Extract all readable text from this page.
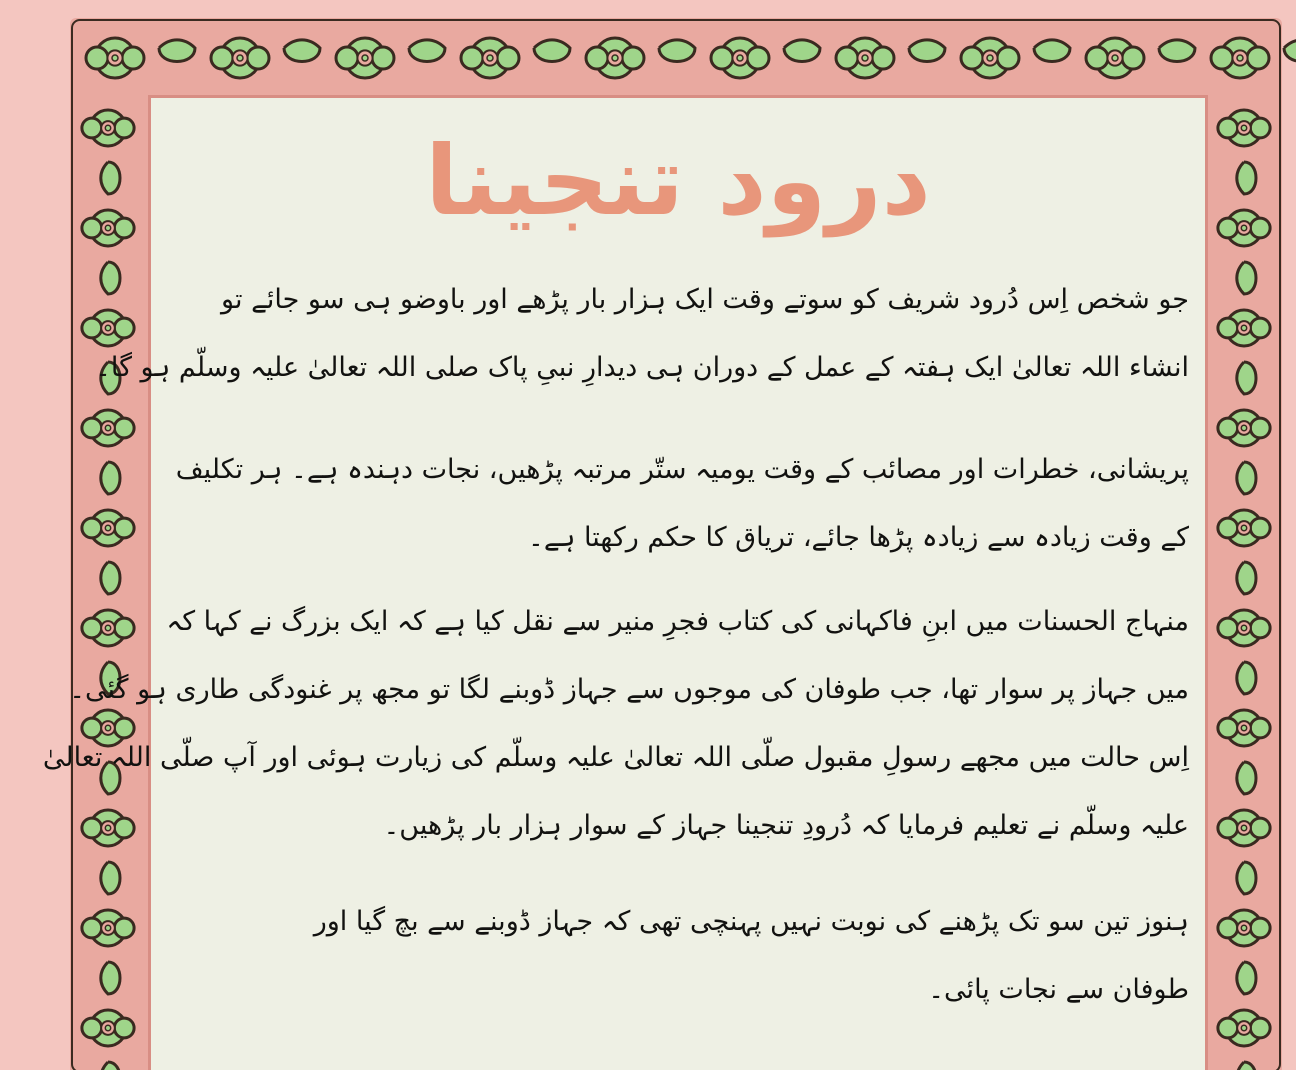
درود تنجینا
جو شخص اِس دُرود شریف کو سوتے وقت ایک ہزار بار پڑھے اور باوضو ہی سو جائے تو
انشاء اللہ تعالیٰ ایک ہفتہ کے عمل کے دوران ہی دیدارِ نبیِ پاک صلی اللہ تعالیٰ علیہ وسلّم ہو گا۔
پریشانی، خطرات اور مصائب کے وقت یومیہ ستّر مرتبہ پڑھیں، نجات دہندہ ہے۔ ہر تکلیف
کے وقت زیادہ سے زیادہ پڑھا جائے، تریاق کا حکم رکھتا ہے۔
منہاج الحسنات میں ابنِ فاکہانی کی کتاب فجرِ منیر سے نقل کیا ہے کہ ایک بزرگ نے کہا کہ
میں جہاز پر سوار تھا، جب طوفان کی موجوں سے جہاز ڈوبنے لگا تو مجھ پر غنودگی طاری ہو گئی۔
اِس حالت میں مجھے رسولِ مقبول صلّی اللہ تعالیٰ علیہ وسلّم کی زیارت ہوئی اور آپ صلّی اللہ تعالیٰ
علیہ وسلّم نے تعلیم فرمایا کہ دُرودِ تنجینا جہاز کے سوار ہزار بار پڑھیں۔
ہنوز تین سو تک پڑھنے کی نوبت نہیں پہنچی تھی کہ جہاز ڈوبنے سے بچ گیا اور
طوفان سے نجات پائی۔
